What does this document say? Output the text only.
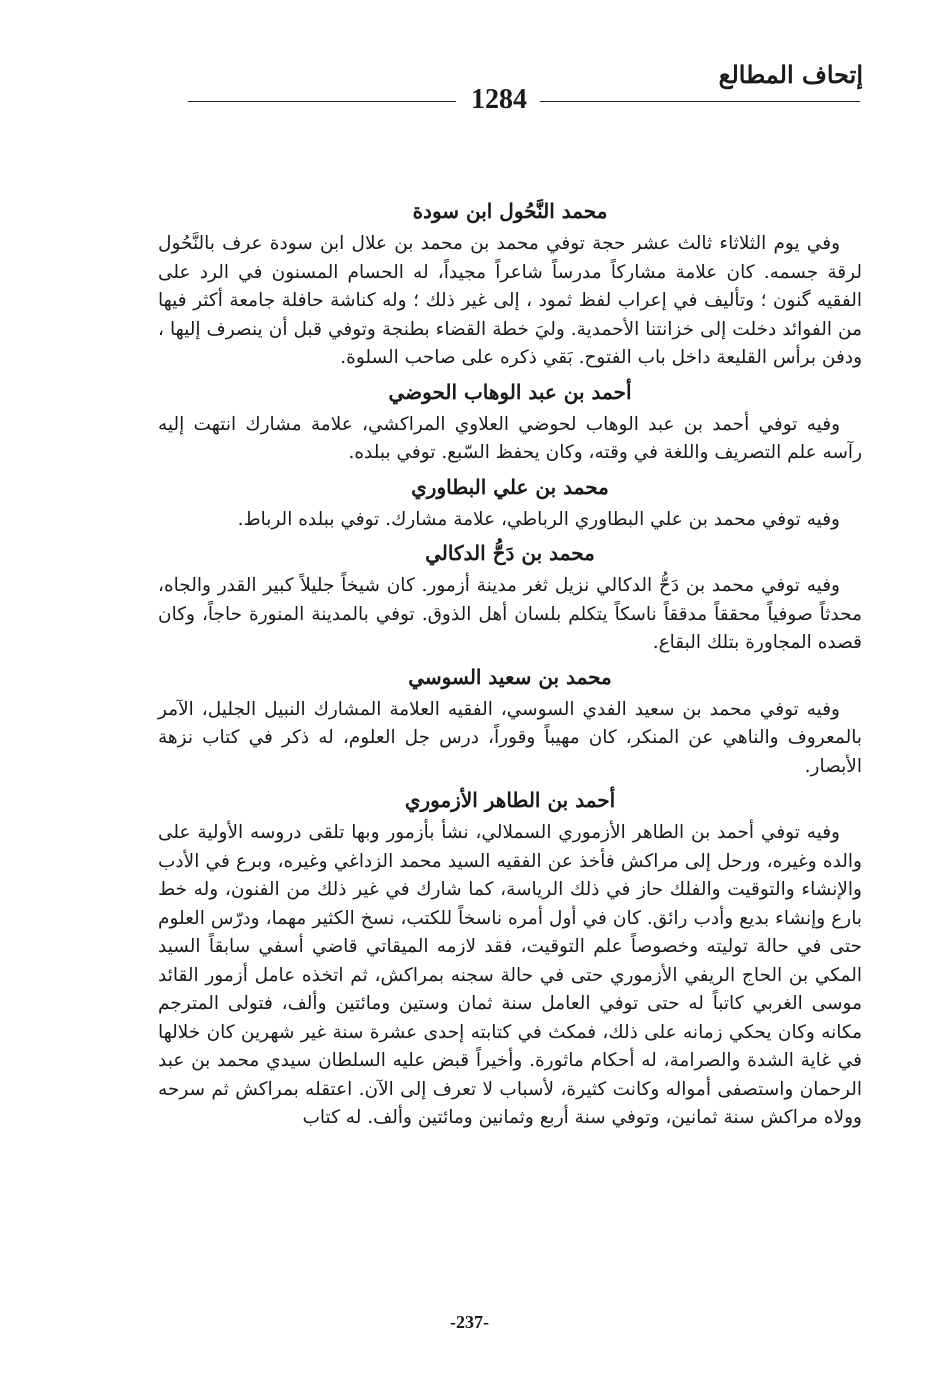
إتحاف المطالع
1284
محمد النَّحُول ابن سودة

وفي يوم الثلاثاء ثالث عشر حجة توفي محمد بن محمد بن علال ابن سودة عرف بالنَّحُول لرقة جسمه. كان علامة مشاركاً مدرساً شاعراً مجيداً، له الحسام المسنون في الرد على الفقيه گنون ؛ وتأليف في إعراب لفظ ثمود ، إلى غير ذلك ؛ وله كناشة حافلة جامعة أكثر فيها من الفوائد دخلت إلى خزانتنا الأحمدية. وليَ خطة القضاء بطنجة وتوفي قبل أن ينصرف إليها ، ودفن برأس القليعة داخل باب الفتوح. بَقي ذكره على صاحب السلوة.

أحمد بن عبد الوهاب الحوضي

وفيه توفي أحمد بن عبد الوهاب لحوضي العلاوي المراكشي، علامة مشارك انتهت إليه رآسه علم التصريف واللغة في وقته، وكان يحفظ السّبع. توفي ببلده.

محمد بن علي البطاوري

وفيه توفي محمد بن علي البطاوري الرباطي، علامة مشارك. توفي ببلده الرباط.

محمد بن دَحُّ الدكالي

وفيه توفي محمد بن دَحُّ الدكالي نزيل ثغر مدينة أزمور. كان شيخاً جليلاً كبير القدر والجاه، محدثاً صوفياً محققاً مدققاً ناسكاً يتكلم بلسان أهل الذوق. توفي بالمدينة المنورة حاجاً، وكان قصده المجاورة بتلك البقاع.

محمد بن سعيد السوسي

وفيه توفي محمد بن سعيد الفدي السوسي، الفقيه العلامة المشارك النبيل الجليل، الآمر بالمعروف والناهي عن المنكر، كان مهيباً وقوراً، درس جل العلوم، له ذكر في كتاب نزهة الأبصار.

أحمد بن الطاهر الأزموري

وفيه توفي أحمد بن الطاهر الأزموري السملالي، نشأ بأزمور وبها تلقى دروسه الأولية على والده وغيره، ورحل إلى مراكش فأخذ عن الفقيه السيد محمد الزداغي وغيره، وبرع في الأدب والإنشاء والتوقيت والفلك حاز في ذلك الرياسة، كما شارك في غير ذلك من الفنون، وله خط بارع وإنشاء بديع وأدب رائق. كان في أول أمره ناسخاً للكتب، نسخ الكثير مهما، ودرّس العلوم حتى في حالة توليته وخصوصاً علم التوقيت، فقد لازمه الميقاتي قاضي أسفي سابقاً السيد المكي بن الحاج الريفي الأزموري حتى في حالة سجنه بمراكش، ثم اتخذه عامل أزمور القائد موسى الغربي كاتباً له حتى توفي العامل سنة ثمان وستين ومائتين وألف، فتولى المترجم مكانه وكان يحكي زمانه على ذلك، فمكث في كتابته إحدى عشرة سنة غير شهرين كان خلالها في غاية الشدة والصرامة، له أحكام ماثورة. وأخيراً قبض عليه السلطان سيدي محمد بن عبد الرحمان واستصفى أمواله وكانت كثيرة، لأسباب لا تعرف إلى الآن. اعتقله بمراكش ثم سرحه وولاه مراكش سنة ثمانين، وتوفي سنة أربع وثمانين ومائتين وألف. له كتاب

-237-
